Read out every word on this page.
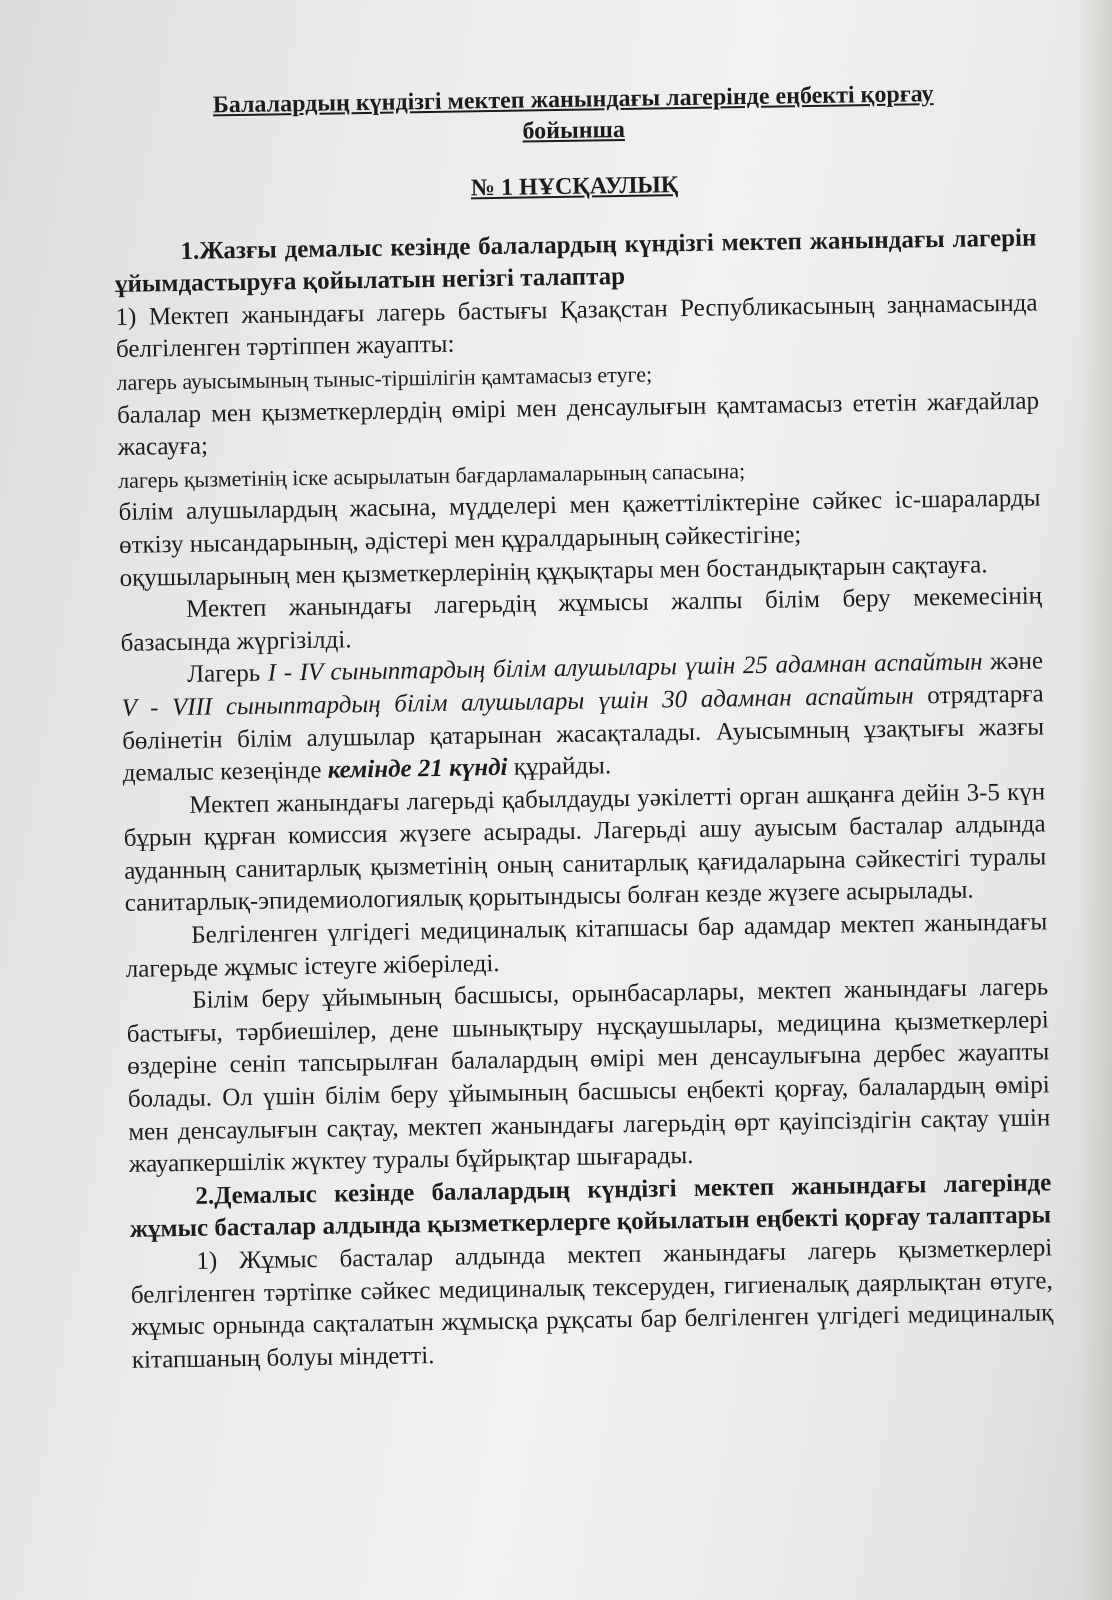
Балалардың күндізгі мектеп жанындағы лагерінде еңбекті қорғау
бойынша

№ 1 НҰСҚАУЛЫҚ

1.Жазғы демалыс кезінде балалардың күндізгі мектеп жанындағы лагерін ұйымдастыруға қойылатын негізгі талаптар

1) Мектеп жанындағы лагерь бастығы Қазақстан Республикасының заңнамасында белгіленген тәртіппен жауапты:

лагерь ауысымының тыныс-тіршілігін қамтамасыз етуге;

балалар мен қызметкерлердің өмірі мен денсаулығын қамтамасыз ететін жағдайлар жасауға;

лагерь қызметінің іске асырылатын бағдарламаларының сапасына;

білім алушылардың жасына, мүдделері мен қажеттіліктеріне сәйкес іс-шараларды өткізу нысандарының, әдістері мен құралдарының сәйкестігіне;

оқушыларының мен қызметкерлерінің құқықтары мен бостандықтарын сақтауға.

Мектеп жанындағы лагерьдің жұмысы жалпы білім беру мекемесінің базасында жүргізілді.

Лагерь I - IV сыныптардың білім алушылары үшін 25 адамнан аспайтын және V - VIII сыныптардың білім алушылары үшін 30 адамнан аспайтын отрядтарға бөлінетін білім алушылар қатарынан жасақталады. Ауысымның ұзақтығы жазғы демалыс кезеңінде кемінде 21 күнді құрайды.

Мектеп жанындағы лагерьді қабылдауды уәкілетті орган ашқанға дейін 3-5 күн бұрын құрған комиссия жүзеге асырады. Лагерьді ашу ауысым басталар алдында ауданның санитарлық қызметінің оның санитарлық қағидаларына сәйкестігі туралы санитарлық-эпидемиологиялық қорытындысы болған кезде жүзеге асырылады.

Белгіленген үлгідегі медициналық кітапшасы бар адамдар мектеп жанындағы лагерьде жұмыс істеуге жіберіледі.

Білім беру ұйымының басшысы, орынбасарлары, мектеп жанындағы лагерь бастығы, тәрбиешілер, дене шынықтыру нұсқаушылары, медицина қызметкерлері өздеріне сеніп тапсырылған балалардың өмірі мен денсаулығына дербес жауапты болады. Ол үшін білім беру ұйымының басшысы еңбекті қорғау, балалардың өмірі мен денсаулығын сақтау, мектеп жанындағы лагерьдің өрт қауіпсіздігін сақтау үшін жауапкершілік жүктеу туралы бұйрықтар шығарады.

2.Демалыс кезінде балалардың күндізгі мектеп жанындағы лагерінде жұмыс басталар алдында қызметкерлерге қойылатын еңбекті қорғау талаптары

1) Жұмыс басталар алдында мектеп жанындағы лагерь қызметкерлері белгіленген тәртіпке сәйкес медициналық тексеруден, гигиеналық даярлықтан өтуге, жұмыс орнында сақталатын жұмысқа рұқсаты бар белгіленген үлгідегі медициналық кітапшаның болуы міндетті.
